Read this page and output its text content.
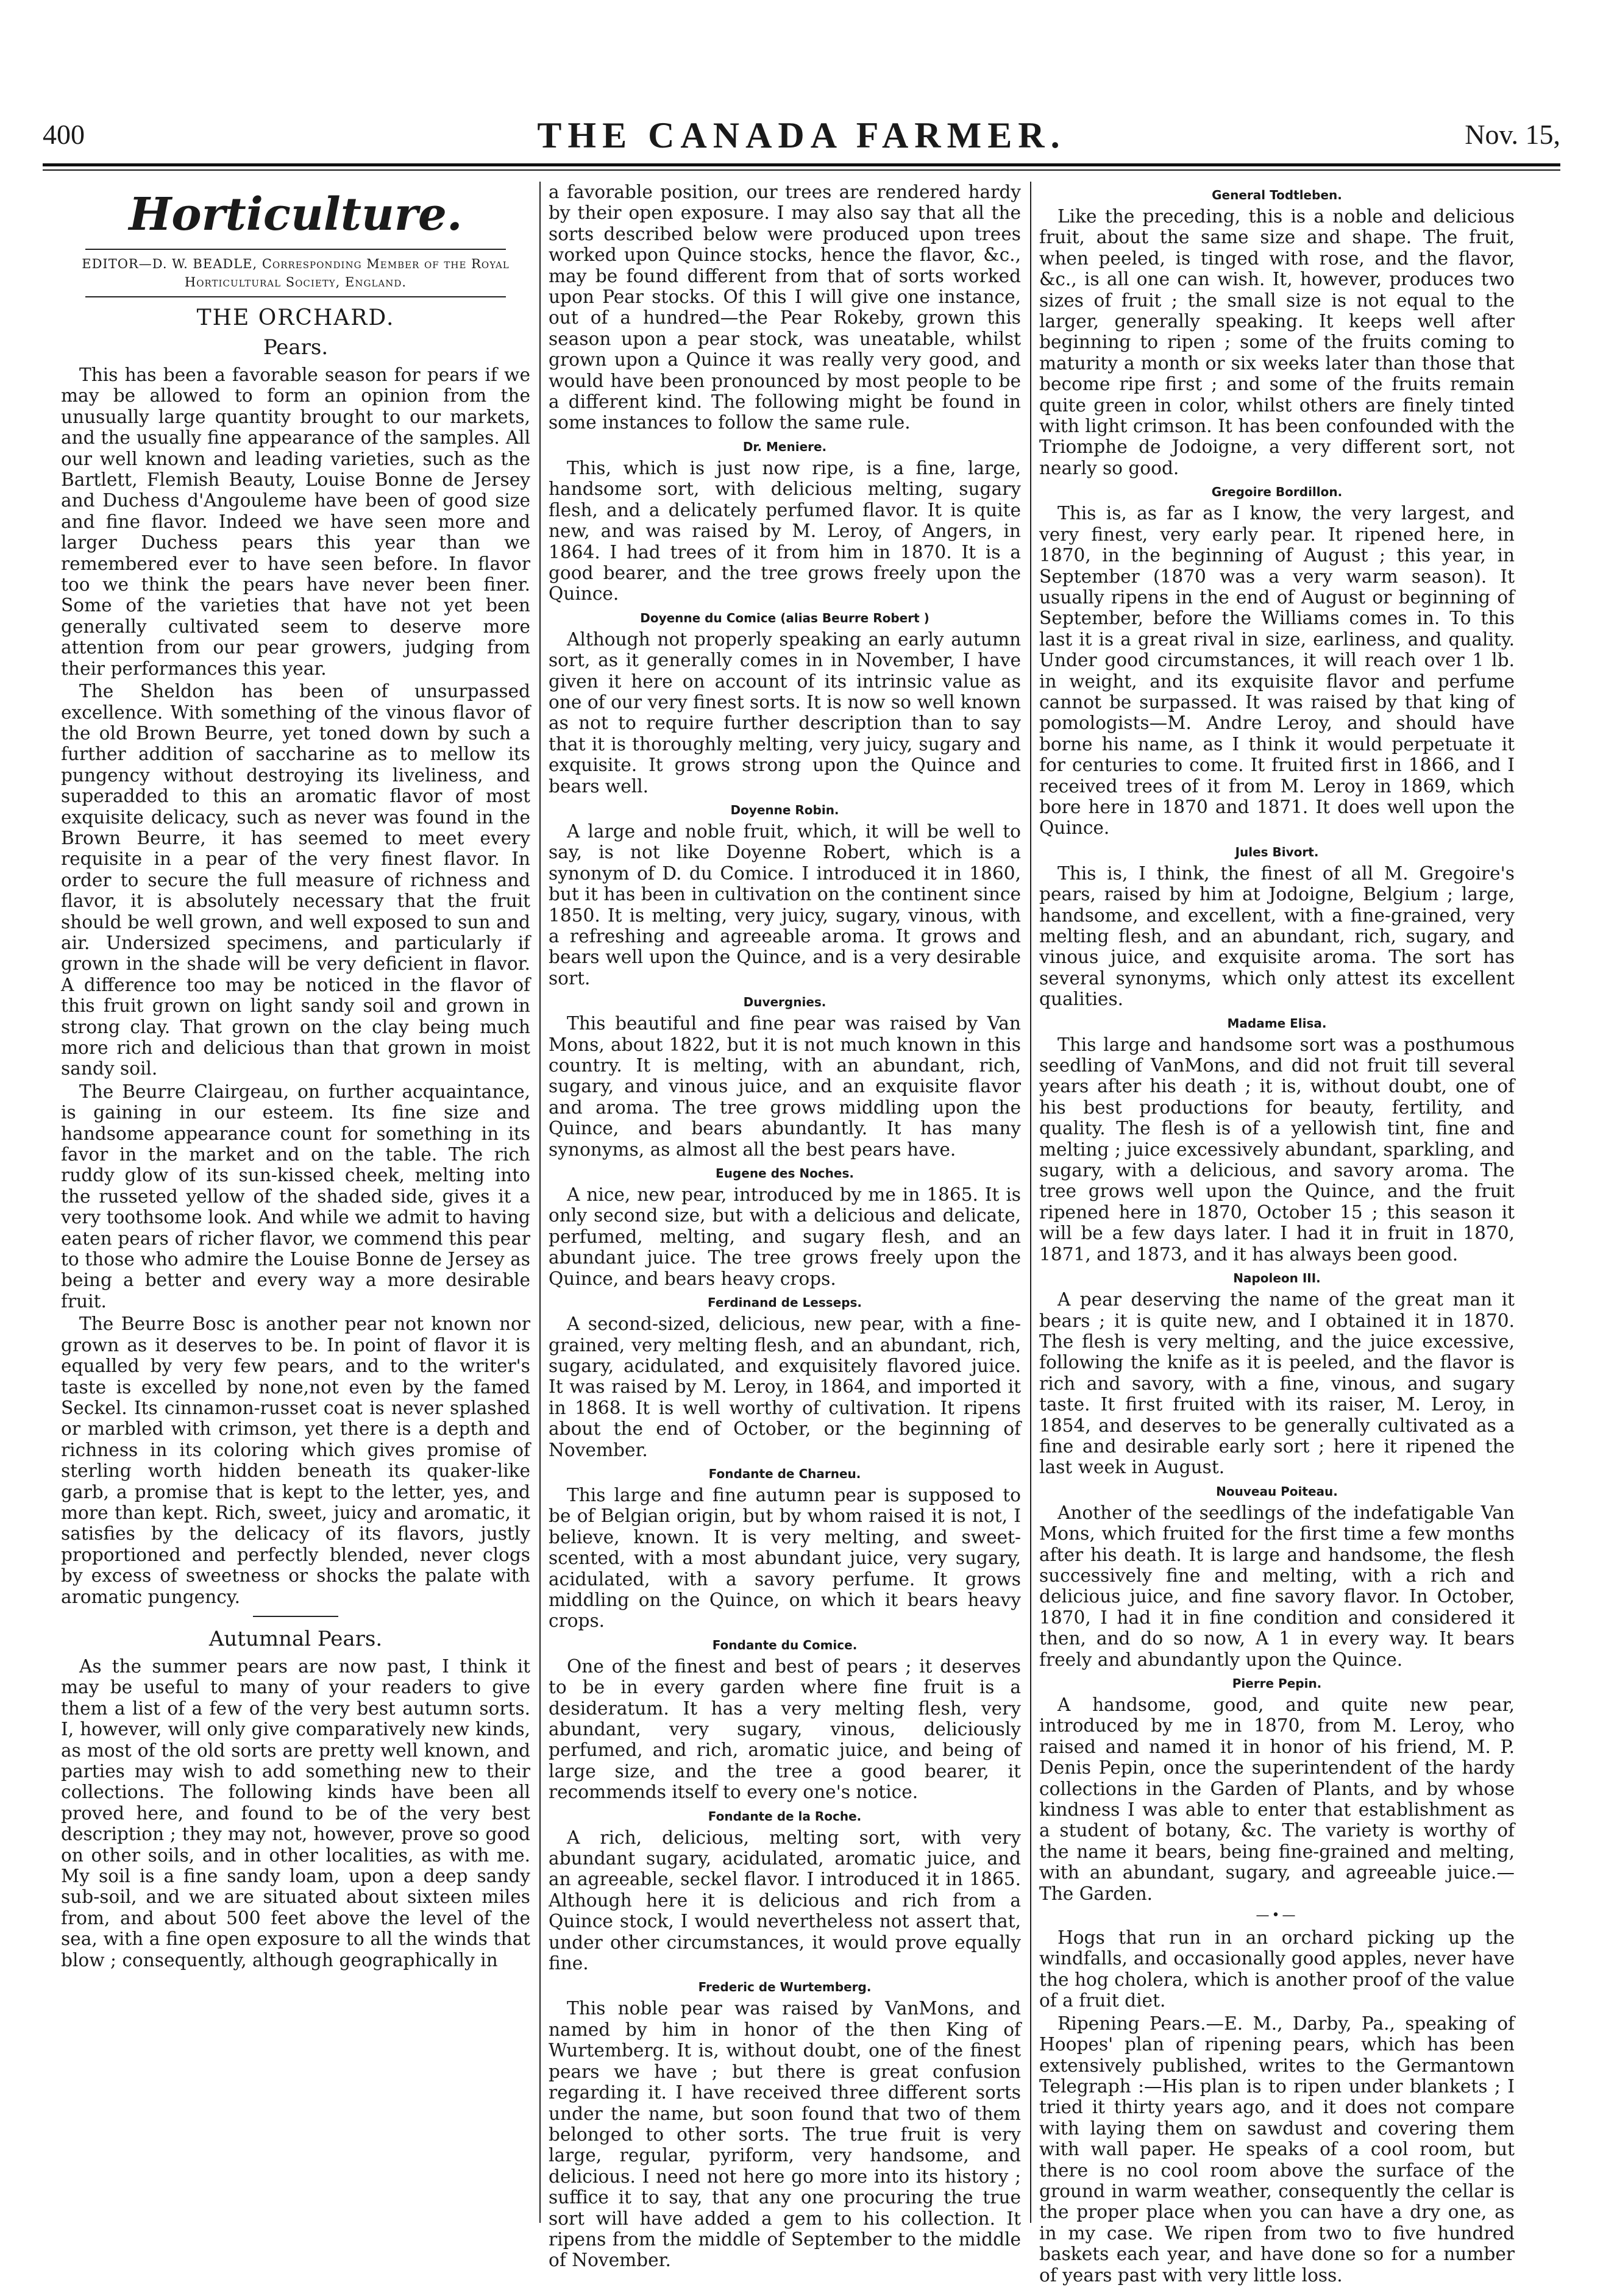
400	THE CANADA FARMER.	Nov. 15,
Horticulture.
EDITOR—D. W. BEADLE, Corresponding Member of the Royal Horticultural Society, England.
THE ORCHARD.
Pears.

This has been a favorable season for pears if we may be allowed to form an opinion from the unusually large quantity brought to our markets, and the usually fine appearance of the samples. All our well known and leading varieties, such as the Bartlett, Flemish Beauty, Louise Bonne de Jersey and Duchess d'Angouleme have been of good size and fine flavor. Indeed we have seen more and larger Duchess pears this year than we remembered ever to have seen before. In flavor too we think the pears have never been finer. Some of the varieties that have not yet been generally cultivated seem to deserve more attention from our pear growers, judging from their performances this year.

The Sheldon has been of unsurpassed excellence. With something of the vinous flavor of the old Brown Beurre, yet toned down by such a further addition of saccharine as to mellow its pungency without destroying its liveliness, and superadded to this an aromatic flavor of most exquisite delicacy, such as never was found in the Brown Beurre, it has seemed to meet every requisite in a pear of the very finest flavor. In order to secure the full measure of richness and flavor, it is absolutely necessary that the fruit should be well grown, and well exposed to sun and air. Undersized specimens, and particularly if grown in the shade will be very deficient in flavor. A difference too may be noticed in the flavor of this fruit grown on light sandy soil and grown in strong clay. That grown on the clay being much more rich and delicious than that grown in moist sandy soil.

The Beurre Clairgeau, on further acquaintance, is gaining in our esteem. Its fine size and handsome appearance count for something in its favor in the market and on the table. The rich ruddy glow of its sun-kissed cheek, melting into the russeted yellow of the shaded side, gives it a very toothsome look. And while we admit to having eaten pears of richer flavor, we commend this pear to those who admire the Louise Bonne de Jersey as being a better and every way a more desirable fruit.

The Beurre Bosc is another pear not known nor grown as it deserves to be. In point of flavor it is equalled by very few pears, and to the writer's taste is excelled by none,not even by the famed Seckel. Its cinnamon-russet coat is never splashed or marbled with crimson, yet there is a depth and richness in its coloring which gives promise of sterling worth hidden beneath its quaker-like garb, a promise that is kept to the letter, yes, and more than kept. Rich, sweet, juicy and aromatic, it satisfies by the delicacy of its flavors, justly proportioned and perfectly blended, never clogs by excess of sweetness or shocks the palate with aromatic pungency.

Autumnal Pears.

As the summer pears are now past, I think it may be useful to many of your readers to give them a list of a few of the very best autumn sorts. I, however, will only give comparatively new kinds, as most of the old sorts are pretty well known, and parties may wish to add something new to their collections. The following kinds have been all proved here, and found to be of the very best description ; they may not, however, prove so good on other soils, and in other localities, as with me. My soil is a fine sandy loam, upon a deep sandy sub-soil, and we are situated about sixteen miles from, and about 500 feet above the level of the sea, with a fine open exposure to all the winds that blow ; consequently, although geographically in

a favorable position, our trees are rendered hardy by their open exposure. I may also say that all the sorts described below were produced upon trees worked upon Quince stocks, hence the flavor, &c., may be found different from that of sorts worked upon Pear stocks. Of this I will give one instance, out of a hundred—the Pear Rokeby, grown this season upon a pear stock, was uneatable, whilst grown upon a Quince it was really very good, and would have been pronounced by most people to be a different kind. The following might be found in some instances to follow the same rule.

Dr. Meniere.

This, which is just now ripe, is a fine, large, handsome sort, with delicious melting, sugary flesh, and a delicately perfumed flavor. It is quite new, and was raised by M. Leroy, of Angers, in 1864. I had trees of it from him in 1870. It is a good bearer, and the tree grows freely upon the Quince.

Doyenne du Comice (alias Beurre Robert )

Although not properly speaking an early autumn sort, as it generally comes in in November, I have given it here on account of its intrinsic value as one of our very finest sorts. It is now so well known as not to require further description than to say that it is thoroughly melting, very juicy, sugary and exquisite. It grows strong upon the Quince and bears well.

Doyenne Robin.

A large and noble fruit, which, it will be well to say, is not like Doyenne Robert, which is a synonym of D. du Comice. I introduced it in 1860, but it has been in cultivation on the continent since 1850. It is melting, very juicy, sugary, vinous, with a refreshing and agreeable aroma. It grows and bears well upon the Quince, and is a very desirable sort.

Duvergnies.

This beautiful and fine pear was raised by Van Mons, about 1822, but it is not much known in this country. It is melting, with an abundant, rich, sugary, and vinous juice, and an exquisite flavor and aroma. The tree grows middling upon the Quince, and bears abundantly. It has many synonyms, as almost all the best pears have.

Eugene des Noches.

A nice, new pear, introduced by me in 1865. It is only second size, but with a delicious and delicate, perfumed, melting, and sugary flesh, and an abundant juice. The tree grows freely upon the Quince, and bears heavy crops.

Ferdinand de Lesseps.

A second-sized, delicious, new pear, with a fine-grained, very melting flesh, and an abundant, rich, sugary, acidulated, and exquisitely flavored juice. It was raised by M. Leroy, in 1864, and imported it in 1868. It is well worthy of cultivation. It ripens about the end of October, or the beginning of November.

Fondante de Charneu.

This large and fine autumn pear is supposed to be of Belgian origin, but by whom raised it is not, I believe, known. It is very melting, and sweet-scented, with a most abundant juice, very sugary, acidulated, with a savory perfume. It grows middling on the Quince, on which it bears heavy crops.

Fondante du Comice.

One of the finest and best of pears ; it deserves to be in every garden where fine fruit is a desideratum. It has a very melting flesh, very abundant, very sugary, vinous, deliciously perfumed, and rich, aromatic juice, and being of large size, and the tree a good bearer, it recommends itself to every one's notice.

Fondante de la Roche.

A rich, delicious, melting sort, with very abundant sugary, acidulated, aromatic juice, and an agreeable, seckel flavor. I introduced it in 1865. Although here it is delicious and rich from a Quince stock, I would nevertheless not assert that, under other circumstances, it would prove equally fine.

Frederic de Wurtemberg.

This noble pear was raised by VanMons, and named by him in honor of the then King of Wurtemberg. It is, without doubt, one of the finest pears we have ; but there is great confusion regarding it. I have received three different sorts under the name, but soon found that two of them belonged to other sorts. The true fruit is very large, regular, pyriform, very handsome, and delicious. I need not here go more into its history ; suffice it to say, that any one procuring the true sort will have added a gem to his collection. It ripens from the middle of September to the middle of November.

General Todtleben.

Like the preceding, this is a noble and delicious fruit, about the same size and shape. The fruit, when peeled, is tinged with rose, and the flavor, &c., is all one can wish. It, however, produces two sizes of fruit ; the small size is not equal to the larger, generally speaking. It keeps well after beginning to ripen ; some of the fruits coming to maturity a month or six weeks later than those that become ripe first ; and some of the fruits remain quite green in color, whilst others are finely tinted with light crimson. It has been confounded with the Triomphe de Jodoigne, a very different sort, not nearly so good.

Gregoire Bordillon.

This is, as far as I know, the very largest, and very finest, very early pear. It ripened here, in 1870, in the beginning of August ; this year, in September (1870 was a very warm season). It usually ripens in the end of August or beginning of September, before the Williams comes in. To this last it is a great rival in size, earliness, and quality. Under good circumstances, it will reach over 1 lb. in weight, and its exquisite flavor and perfume cannot be surpassed. It was raised by that king of pomologists—M. Andre Leroy, and should have borne his name, as I think it would perpetuate it for centuries to come. It fruited first in 1866, and I received trees of it from M. Leroy in 1869, which bore here in 1870 and 1871. It does well upon the Quince.

Jules Bivort.

This is, I think, the finest of all M. Gregoire's pears, raised by him at Jodoigne, Belgium ; large, handsome, and excellent, with a fine-grained, very melting flesh, and an abundant, rich, sugary, and vinous juice, and exquisite aroma. The sort has several synonyms, which only attest its excellent qualities.

Madame Elisa.

This large and handsome sort was a posthumous seedling of VanMons, and did not fruit till several years after his death ; it is, without doubt, one of his best productions for beauty, fertility, and quality. The flesh is of a yellowish tint, fine and melting ; juice excessively abundant, sparkling, and sugary, with a delicious, and savory aroma. The tree grows well upon the Quince, and the fruit ripened here in 1870, October 15 ; this season it will be a few days later. I had it in fruit in 1870, 1871, and 1873, and it has always been good.

Napoleon III.

A pear deserving the name of the great man it bears ; it is quite new, and I obtained it in 1870. The flesh is very melting, and the juice excessive, following the knife as it is peeled, and the flavor is rich and savory, with a fine, vinous, and sugary taste. It first fruited with its raiser, M. Leroy, in 1854, and deserves to be generally cultivated as a fine and desirable early sort ; here it ripened the last week in August.

Nouveau Poiteau.

Another of the seedlings of the indefatigable Van Mons, which fruited for the first time a few months after his death. It is large and handsome, the flesh successively fine and melting, with a rich and delicious juice, and fine savory flavor. In October, 1870, I had it in fine condition and considered it then, and do so now, A 1 in every way. It bears freely and abundantly upon the Quince.

Pierre Pepin.

A handsome, good, and quite new pear, introduced by me in 1870, from M. Leroy, who raised and named it in honor of his friend, M. P. Denis Pepin, once the superintendent of the hardy collections in the Garden of Plants, and by whose kindness I was able to enter that establishment as a student of botany, &c. The variety is worthy of the name it bears, being fine-grained and melting, with an abundant, sugary, and agreeable juice.—The Garden.

—•—

Hogs that run in an orchard picking up the windfalls, and occasionally good apples, never have the hog cholera, which is another proof of the value of a fruit diet.

Ripening Pears.—E. M., Darby, Pa., speaking of Hoopes' plan of ripening pears, which has been extensively published, writes to the Germantown Telegraph :—His plan is to ripen under blankets ; I tried it thirty years ago, and it does not compare with laying them on sawdust and covering them with wall paper. He speaks of a cool room, but there is no cool room above the surface of the ground in warm weather, consequently the cellar is the proper place when you can have a dry one, as in my case. We ripen from two to five hundred baskets each year, and have done so for a number of years past with very little loss.
